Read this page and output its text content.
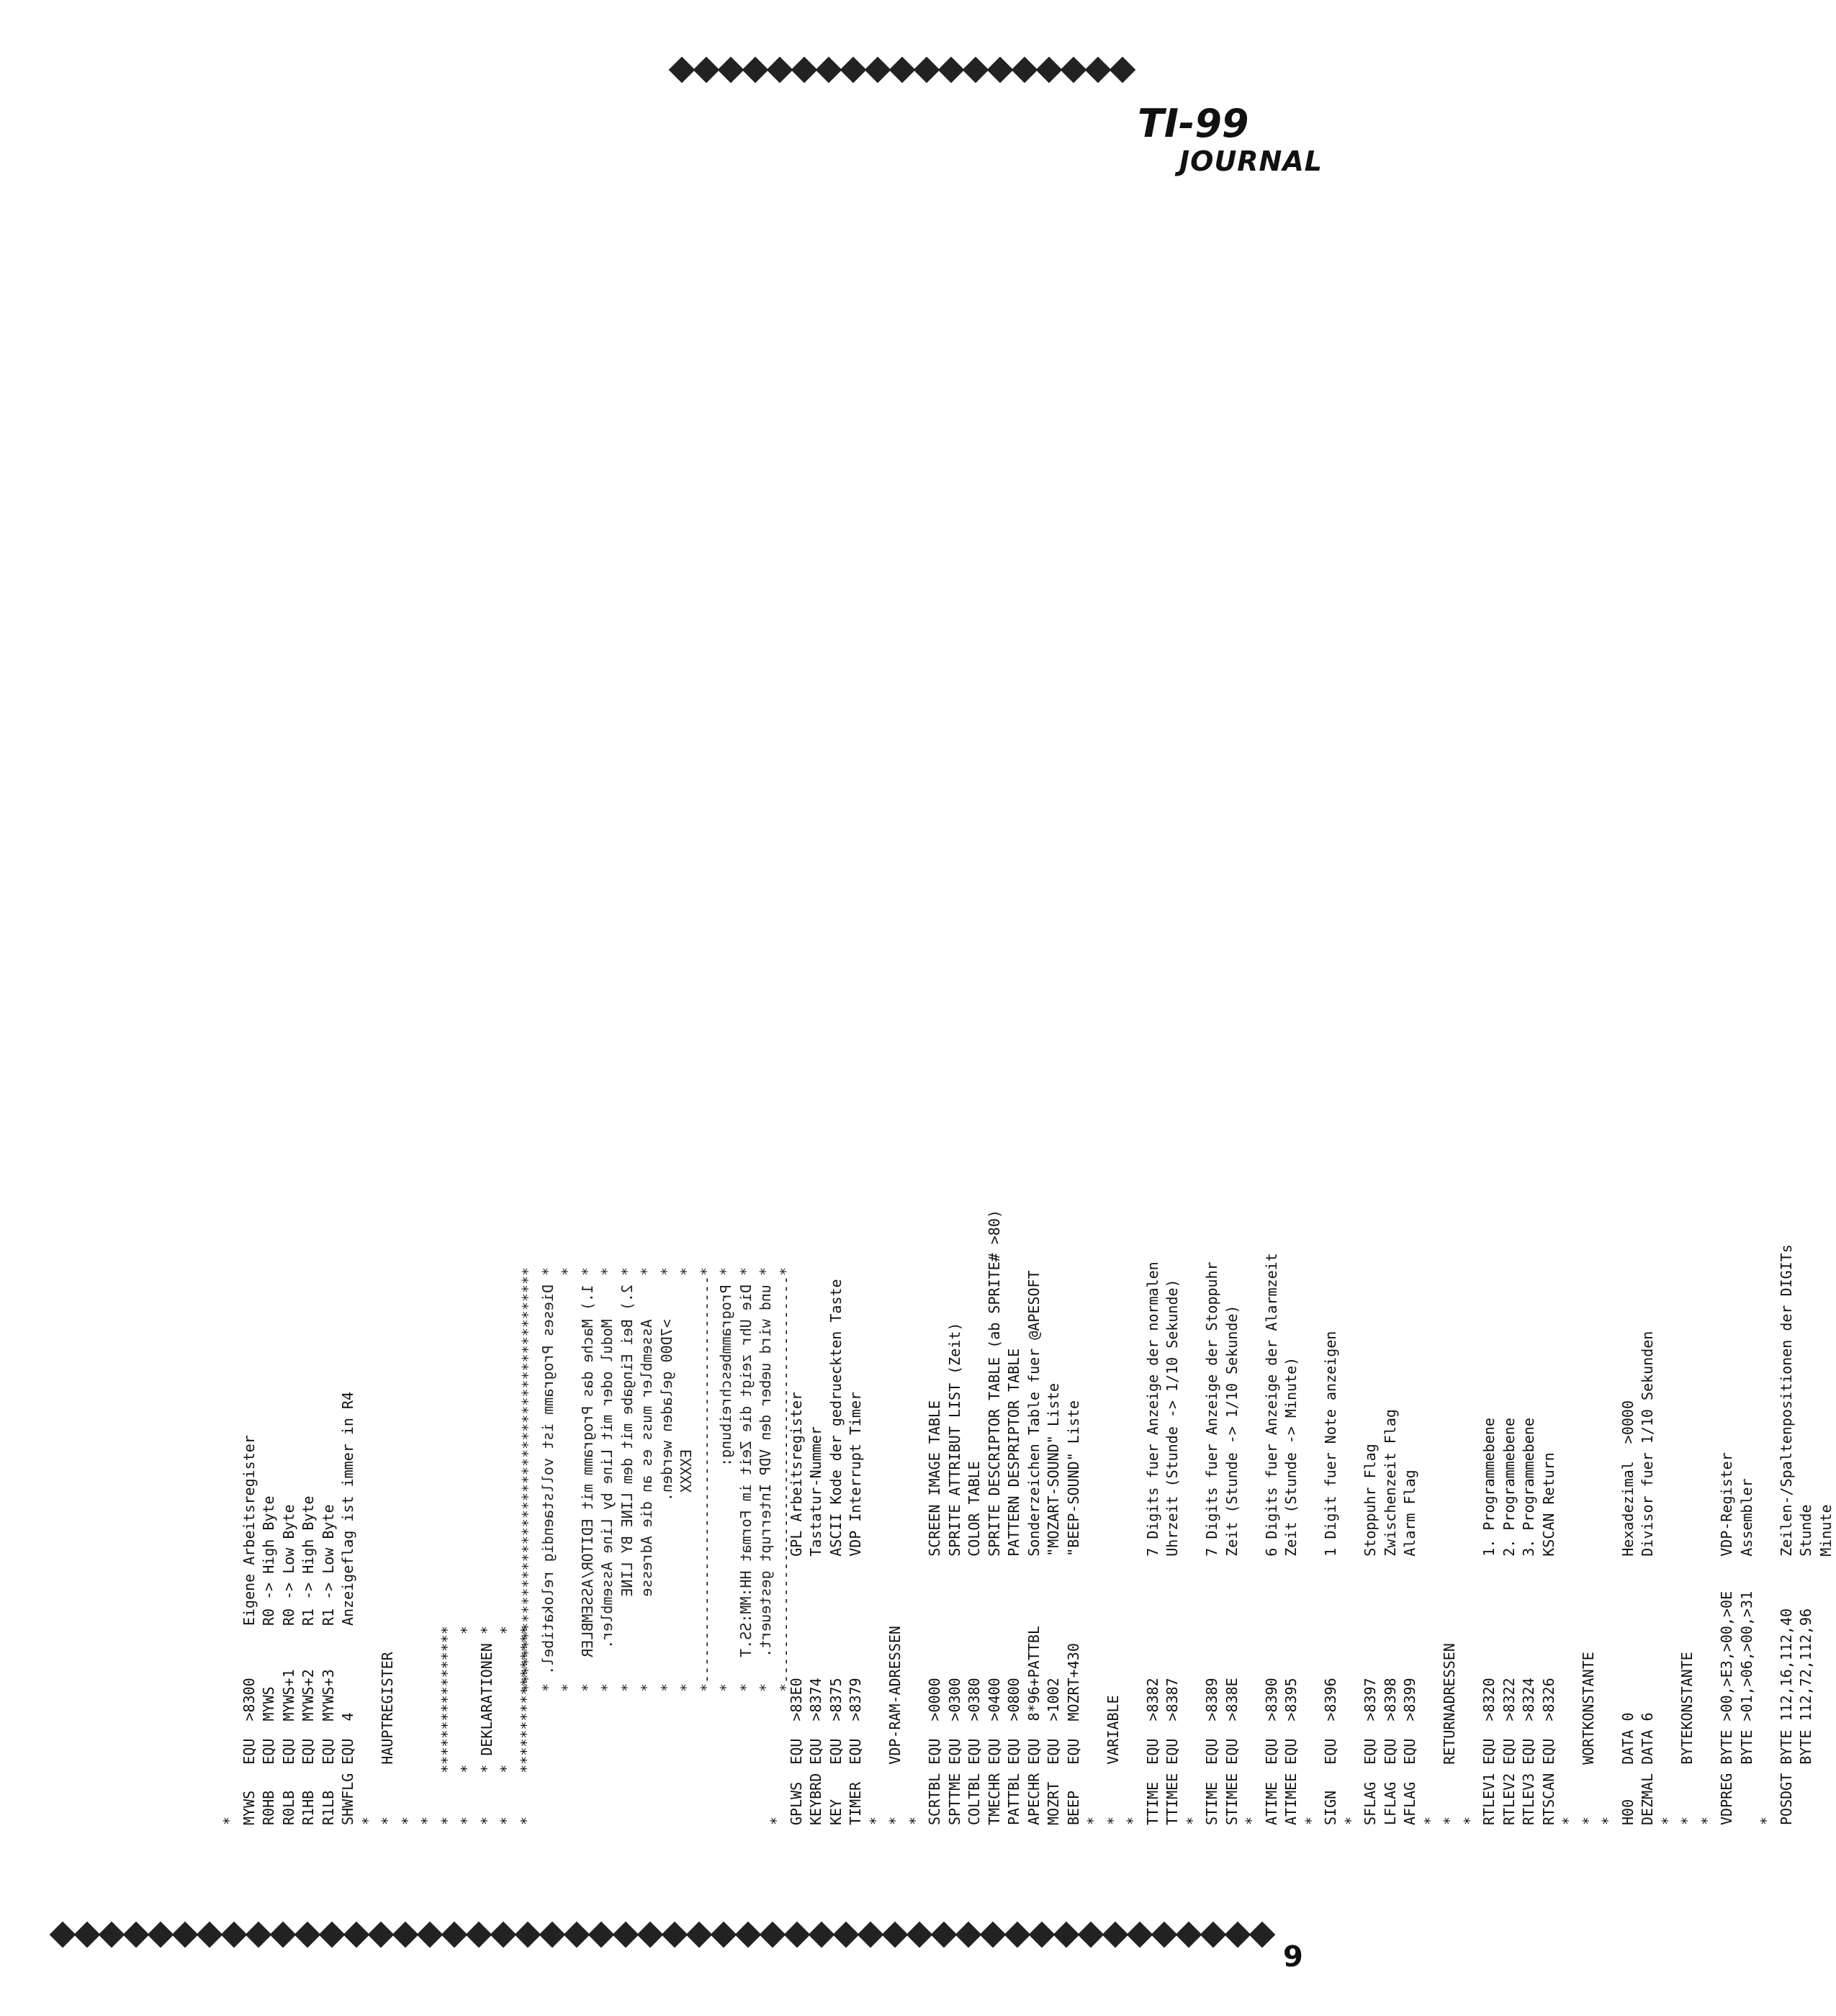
TI-99
JOURNAL
* MYWS   EQU  >8300      Eigene Arbeitsregister R0HB   EQU  MYWS       R0 -> High Byte R0LB   EQU  MYWS+1     R0 -> Low Byte R1HB   EQU  MYWS+2     R1 -> High Byte R1LB   EQU  MYWS+3     R1 -> Low Byte SHWFLG EQU  4          Anzeigeflag ist immer in R4 * *      HAUPTREGISTER * * *     ***************** *     *               * *     * DEKLARATIONEN * *     *               * *     *****************	* GPLWS  EQU  >83E0              GPL Arbeitsregister KEYBRD EQU  >8374              Tastatur-Nummer KEY    EQU  >8375              ASCII Kode der gedrueckten Taste TIMER  EQU  >8379              VDP Interrupt Timer * *      VDP-RAM-ADRESSEN * SCRTBL EQU  >0000              SCREEN IMAGE TABLE SPTTME EQU  >0300              SPRITE ATTRIBUT LIST (Zeit) COLTBL EQU  >0380              COLOR TABLE TMECHR EQU  >0400              SPRITE DESCRIPTOR TABLE (ab SPRITE# >80) PATTBL EQU  >0800              PATTERN DESPRIPTOR TABLE APECHR EQU  8*96+PATTBL        Sonderzeichen Table fuer @APESOFT MOZRT  EQU  >1002              "MOZART-SOUND" Liste BEEP   EQU  MOZRT+430          "BEEP-SOUND" Liste * *      VARIABLE * TTIME  EQU  >8382              7 Digits fuer Anzeige der normalen TTIMEE EQU  >8387              Uhrzeit (Stunde -> 1/10 Sekunde) * STIME  EQU  >8389              7 Digits fuer Anzeige der Stoppuhr STIMEE EQU  >838E              Zeit (Stunde -> 1/10 Sekunde) * ATIME  EQU  >8390              6 Digits fuer Anzeige der Alarmzeit ATIMEE EQU  >8395              Zeit (Stunde -> Minute) * SIGN   EQU  >8396              1 Digit fuer Note anzeigen * SFLAG  EQU  >8397              Stoppuhr Flag LFLAG  EQU  >8398              Zwischenzeit Flag AFLAG  EQU  >8399              Alarm Flag * *      RETURNADRESSEN * RTLEV1 EQU  >8320              1. Programmebene RTLEV2 EQU  >8322              2. Programmebene RTLEV3 EQU  >8324              3. Programmebene RTSCAN EQU  >8326              KSCAN Return * *      WORTKONSTANTE * H00    DATA 0                  Hexadezimal  >0000 DEZMAL DATA 6                  Divisor fuer 1/10 Sekunden * *      BYTEKONSTANTE * VDPREG BYTE >00,>E3,>00,>0E    VDP-Register BYTE >01,>06,>00,>31    Assembler * POSDGT BYTE 112,16,112,40      Zeilen-/Spaltenpositionen der DIGITs BYTE 112,72,112,96      Stunde Minute
************************************************* * Dieses Programm ist vollstaendig relokatibel. * *                                               * * 1.) Mache das Programm mit EDITOR/ASSEMBLER   * *     Modul oder mit Line by Line Assembler.    * * 2.) Bei Eingabe mit dem LINE BY LINE          * *     Assembler muss es an die Adresse          * *     >7D00 geladen werden.                     * *                    EXXXX                      * *-----------------------------------------------* * Programmbeschreibung:                         * * Die Uhr zeigt die Zeit im Format HH:MM:SS.T   * * und wird ueber den VDP Interrupt gesteuert.   * *-----------------------------------------------*
9
